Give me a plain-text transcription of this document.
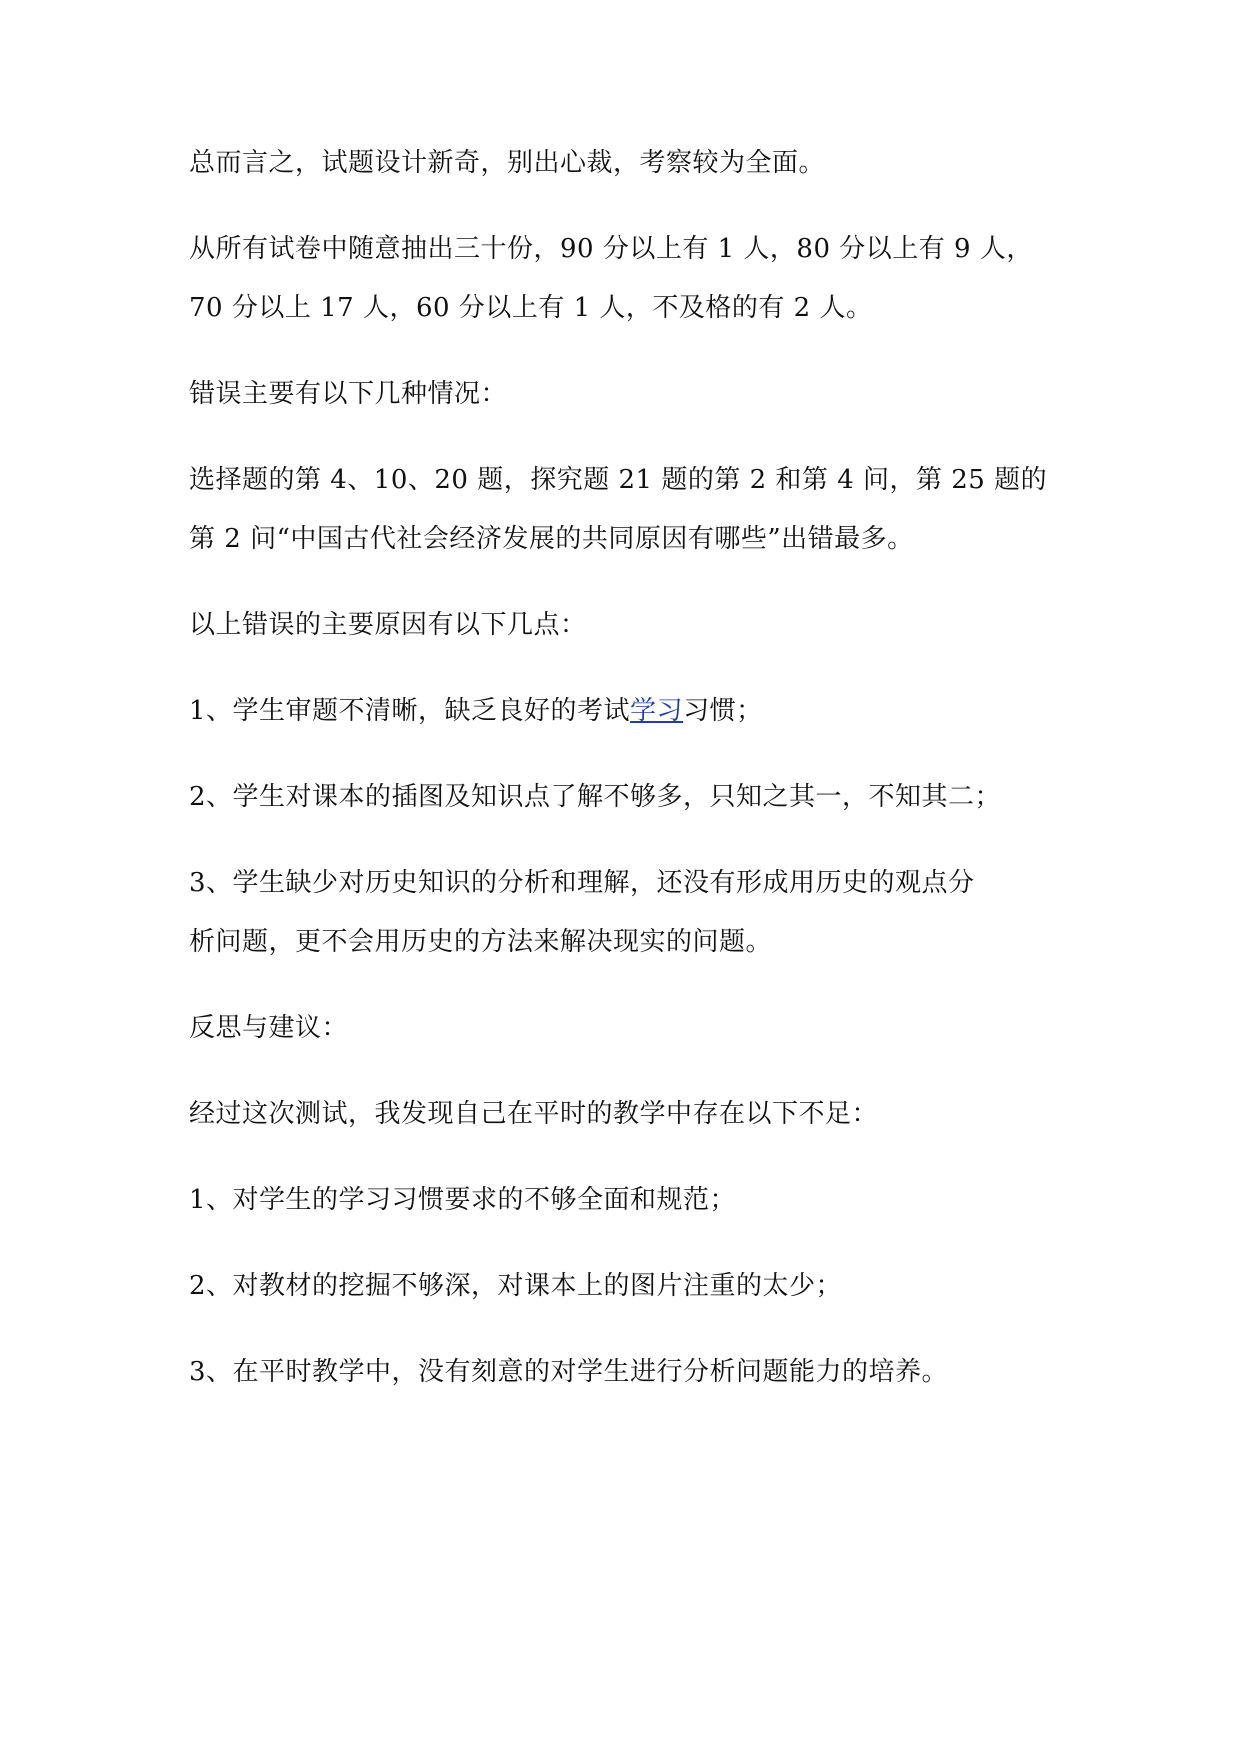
总而言之，试题设计新奇，别出心裁，考察较为全面。
从所有试卷中随意抽出三十份，90 分以上有 1 人，80 分以上有 9 人，
70 分以上 17 人，60 分以上有 1 人，不及格的有 2 人。
错误主要有以下几种情况：
选择题的第 4、10、20 题，探究题 21 题的第 2 和第 4 问，第 25 题的
第 2 问“中国古代社会经济发展的共同原因有哪些”出错最多。
以上错误的主要原因有以下几点：
1、学生审题不清晰，缺乏良好的考试学习习惯；
2、学生对课本的插图及知识点了解不够多，只知之其一，不知其二；
3、学生缺少对历史知识的分析和理解，还没有形成用历史的观点分
析问题，更不会用历史的方法来解决现实的问题。
反思与建议：
经过这次测试，我发现自己在平时的教学中存在以下不足：
1、对学生的学习习惯要求的不够全面和规范；
2、对教材的挖掘不够深，对课本上的图片注重的太少；
3、在平时教学中，没有刻意的对学生进行分析问题能力的培养。
